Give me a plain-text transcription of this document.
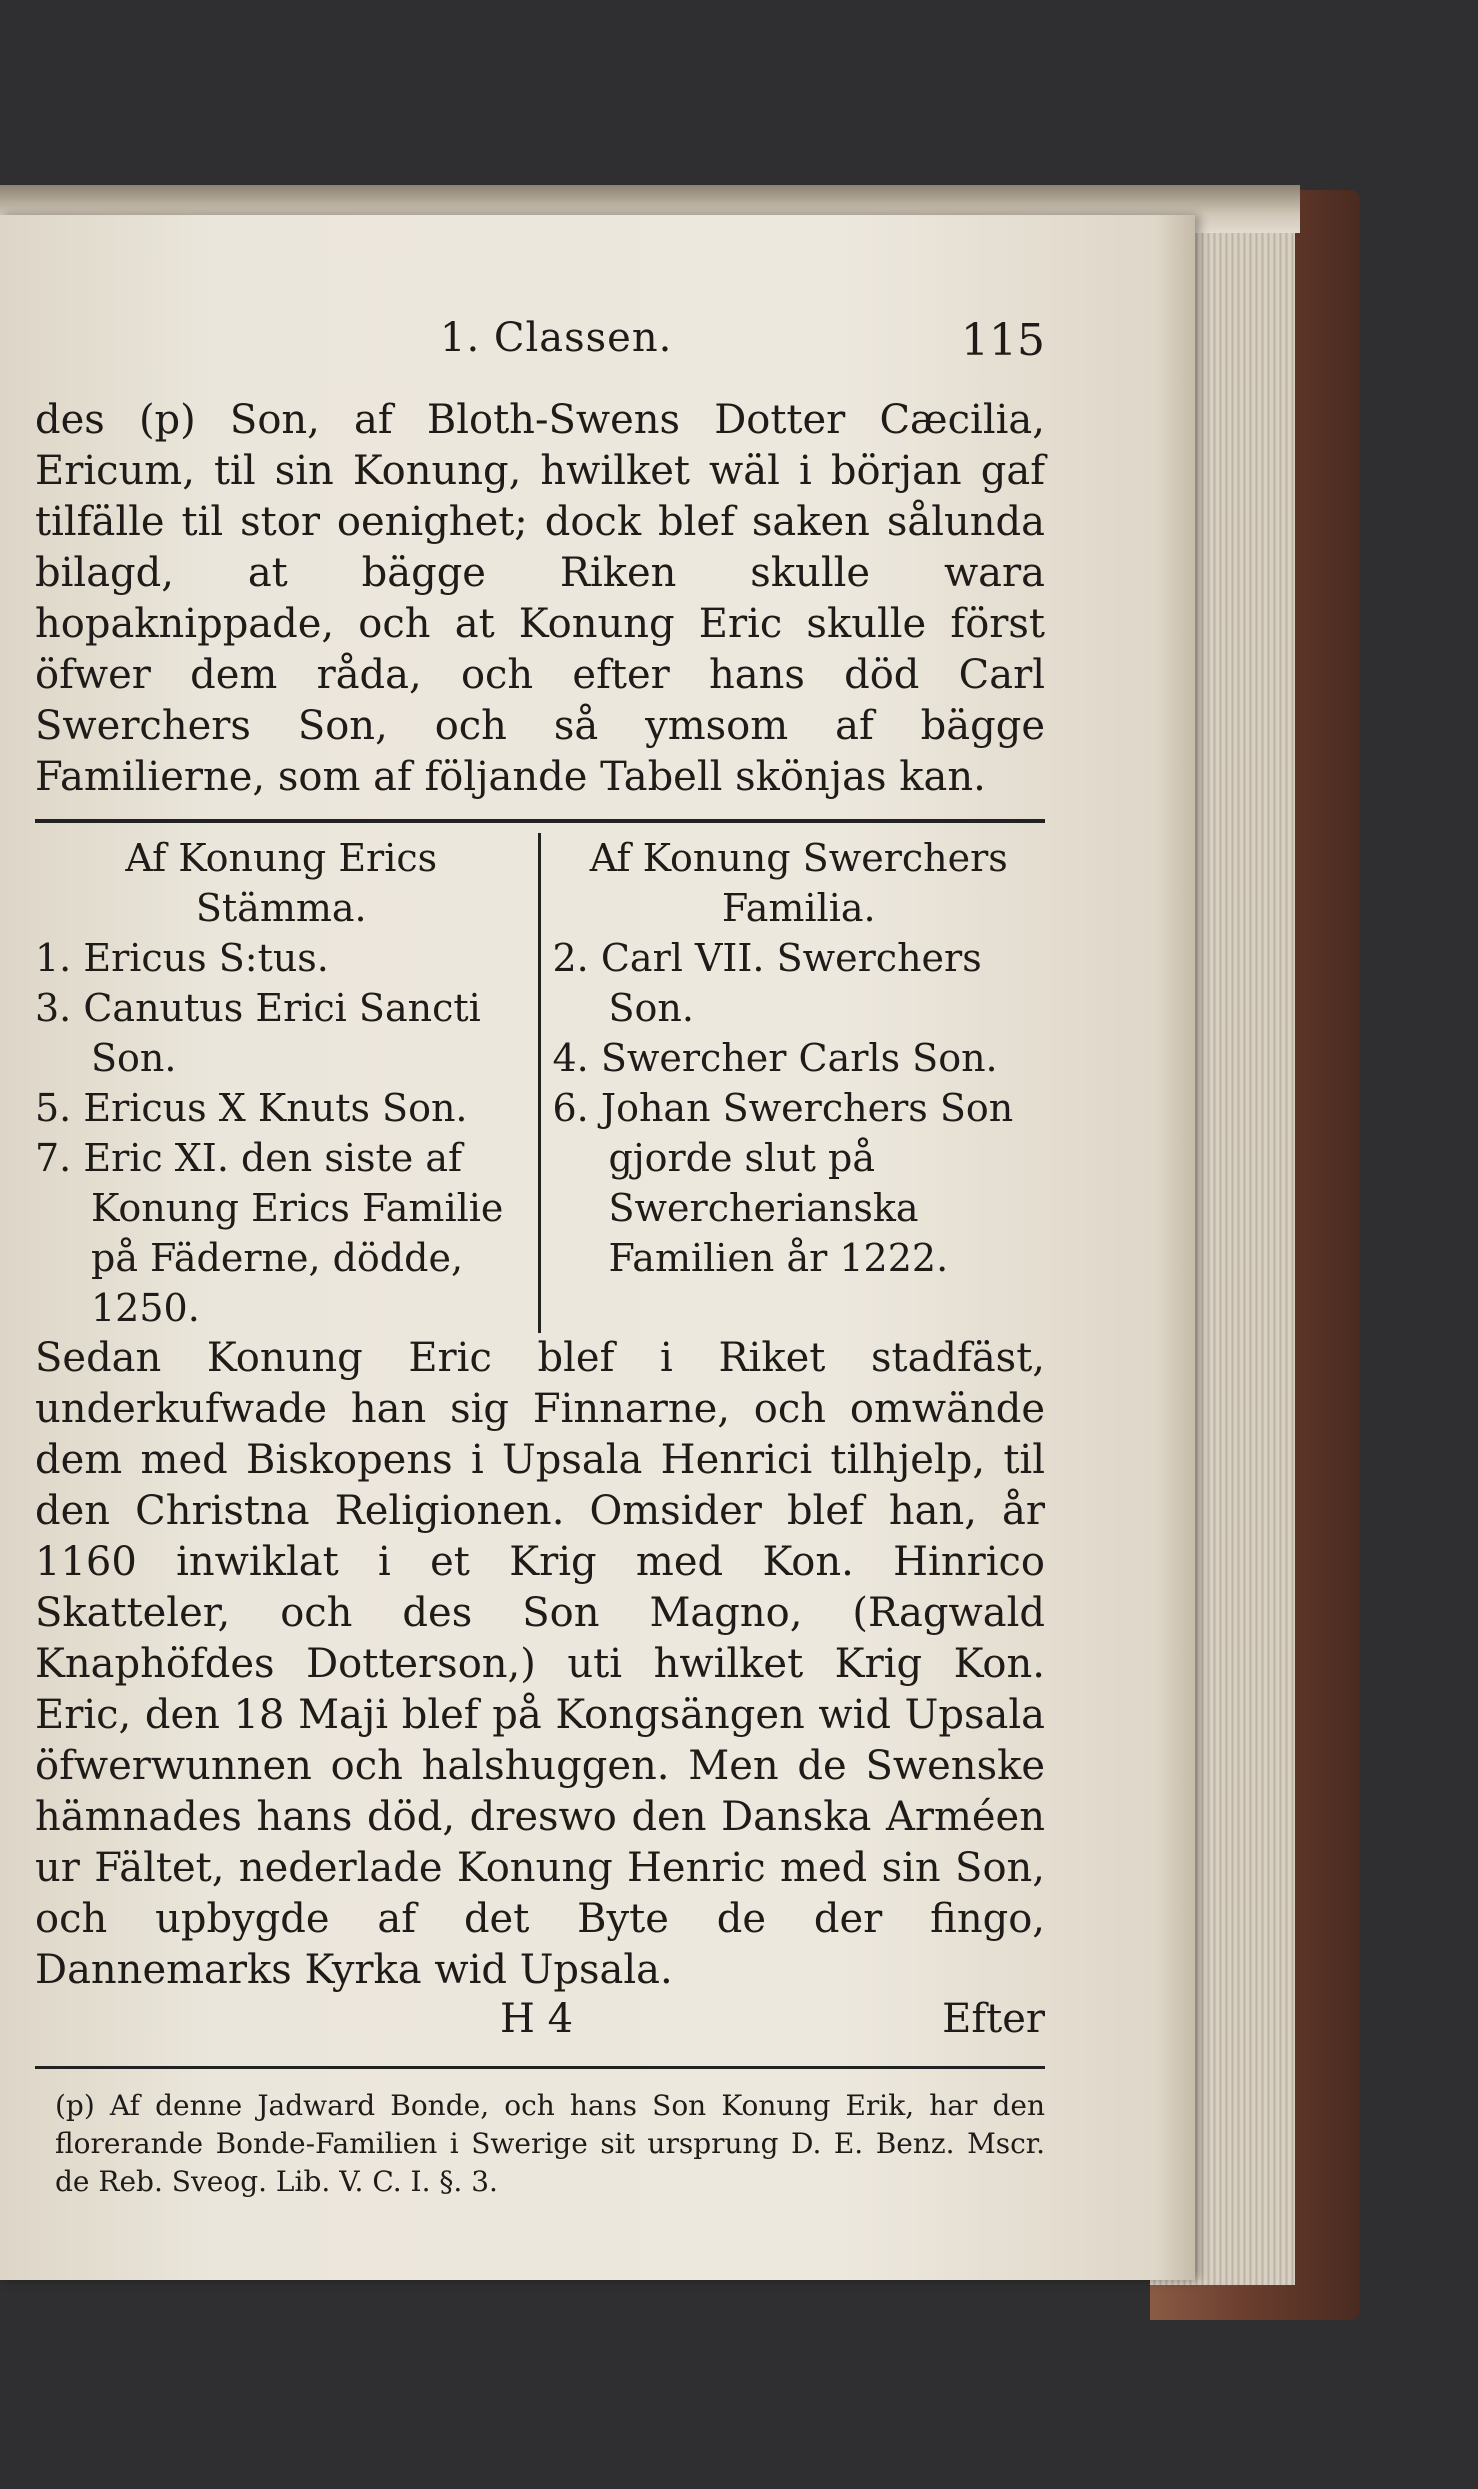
1. Classen.	115

des (p) Son, af Bloth-Swens Dotter Cæcilia, Ericum, til sin Konung, hwilket wäl i början gaf tilfälle til stor oenighet; dock blef saken sålunda bilagd, at bägge Riken skulle wara hopaknippade, och at Konung Eric skulle först öfwer dem råda, och efter hans död Carl Swerchers Son, och så ymsom af bägge Familierne, som af följande Tabell skönjas kan.

Af Konung Erics
Stämma.

1. Ericus S:tus.

3. Canutus Erici Sancti Son.

5. Ericus X Knuts Son.

7. Eric XI. den siste af Konung Erics Familie på Fäderne, dödde, 1250.

Af Konung Swerchers
Familia.

2. Carl VII. Swerchers Son.

4. Swercher Carls Son.

6. Johan Swerchers Son gjorde slut på Swercherianska Familien år 1222.

Sedan Konung Eric blef i Riket stadfäst, underkufwade han sig Finnarne, och omwände dem med Biskopens i Upsala Henrici tilhjelp, til den Christna Religionen. Omsider blef han, år 1160 inwiklat i et Krig med Kon. Hinrico Skatteler, och des Son Magno, (Ragwald Knaphöfdes Dotterson,) uti hwilket Krig Kon. Eric, den 18 Maji blef på Kongsängen wid Upsala öfwerwunnen och halshuggen. Men de Swenske hämnades hans död, dreswo den Danska Arméen ur Fältet, nederlade Konung Henric med sin Son, och upbygde af det Byte de der fingo, Dannemarks Kyrka wid Upsala.

H 4	Efter

(p) Af denne Jadward Bonde, och hans Son Konung Erik, har den florerande Bonde-Familien i Swerige sit ursprung D. E. Benz. Mscr. de Reb. Sveog. Lib. V. C. I. §. 3.
